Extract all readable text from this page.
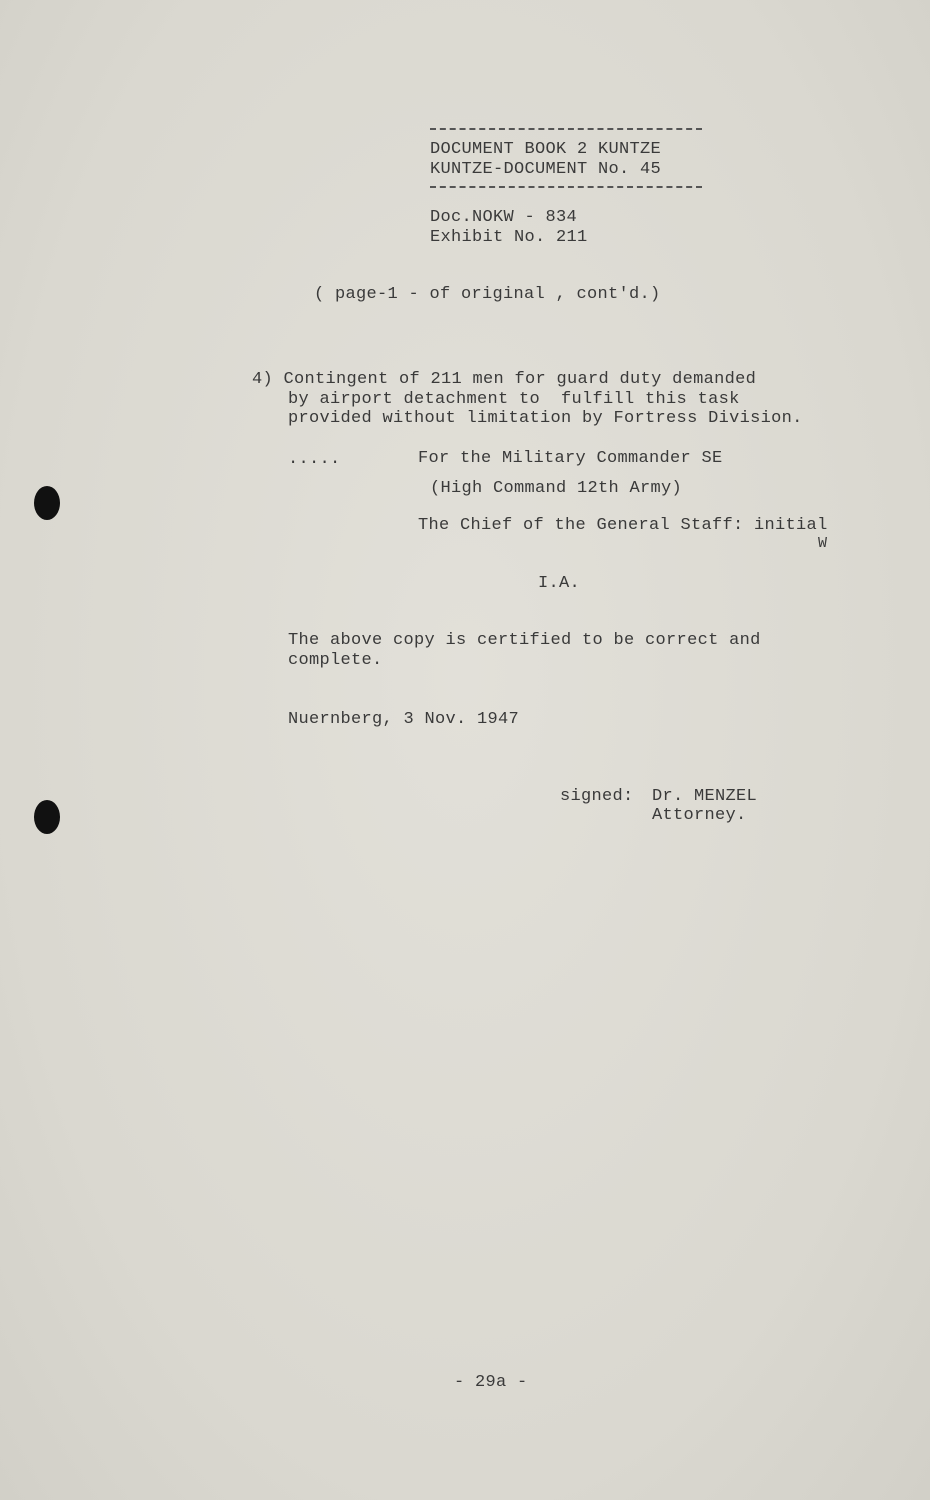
DOCUMENT BOOK 2 KUNTZE
KUNTZE-DOCUMENT No. 45
Doc.NOKW - 834
Exhibit No. 211
( page-1 - of original , cont'd.)
4) Contingent of 211 men for guard duty demanded
by airport detachment to  fulfill this task
provided without limitation by Fortress Division.
.....	For the Military Commander SE
(High Command 12th Army)
The Chief of the General Staff: initial
W
I.A.
The above copy is certified to be correct and
complete.
Nuernberg, 3 Nov. 1947
signed: Dr. MENZEL
Attorney.
- 29a -
